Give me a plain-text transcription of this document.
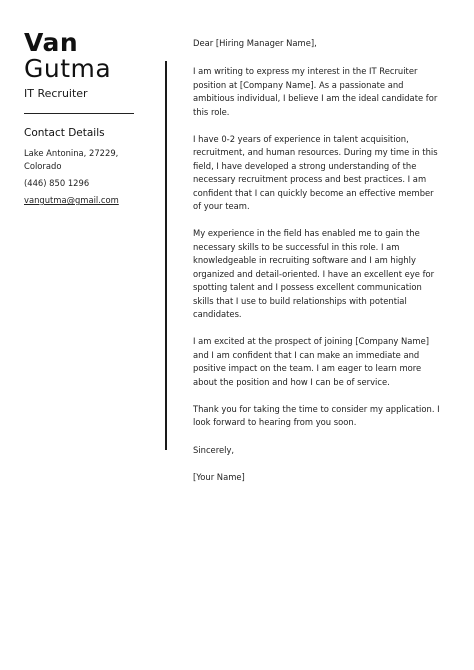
Van
Gutma
IT Recruiter
Contact Details
Lake Antonina, 27229, Colorado
(446) 850 1296
vangutma@gmail.com

Dear [Hiring Manager Name],

I am writing to express my interest in the IT Recruiter position at [Company Name]. As a passionate and ambitious individual, I believe I am the ideal candidate for this role.

I have 0-2 years of experience in talent acquisition, recruitment, and human resources. During my time in this field, I have developed a strong understanding of the necessary recruitment process and best practices. I am confident that I can quickly become an effective member of your team.

My experience in the field has enabled me to gain the necessary skills to be successful in this role. I am knowledgeable in recruiting software and I am highly organized and detail-oriented. I have an excellent eye for spotting talent and I possess excellent communication skills that I use to build relationships with potential candidates.

I am excited at the prospect of joining [Company Name] and I am confident that I can make an immediate and positive impact on the team. I am eager to learn more about the position and how I can be of service.

Thank you for taking the time to consider my application. I look forward to hearing from you soon.

Sincerely,

[Your Name]
